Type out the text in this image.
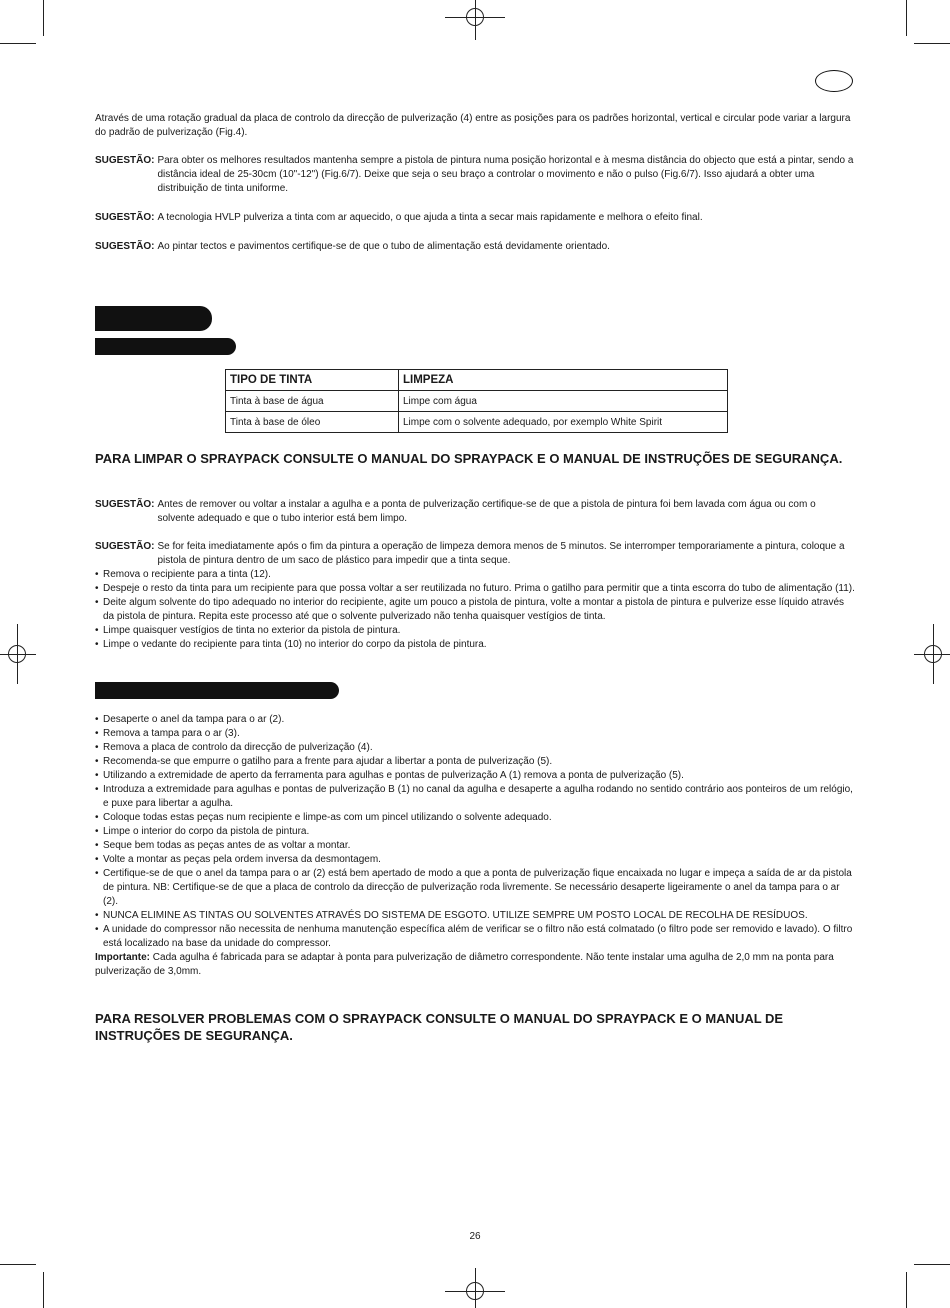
Através de uma rotação gradual da placa de controlo da direcção de pulverização (4) entre as posições para os padrões horizontal, vertical e circular pode variar a largura do padrão de pulverização (Fig.4).
SUGESTÃO: Para obter os melhores resultados mantenha sempre a pistola de pintura numa posição horizontal e à mesma distância do objecto que está a pintar, sendo a distância ideal de 25-30cm (10"-12") (Fig.6/7). Deixe que seja o seu braço a controlar o movimento e não o pulso (Fig.6/7). Isso ajudará a obter uma distribuição de tinta uniforme.
SUGESTÃO: A tecnologia HVLP pulveriza a tinta com ar aquecido, o que ajuda a tinta a secar mais rapidamente e melhora o efeito final.
SUGESTÃO: Ao pintar tectos e pavimentos certifique-se de que o tubo de alimentação está devidamente orientado.
TIPO DE TINTA	LIMPEZA
Tinta à base de água	Limpe com água
Tinta à base de óleo	Limpe com o solvente adequado, por exemplo White Spirit
PARA LIMPAR O SPRAYPACK CONSULTE O MANUAL DO SPRAYPACK E O MANUAL DE INSTRUÇÕES DE SEGURANÇA.
SUGESTÃO: Antes de remover ou voltar a instalar a agulha e a ponta de pulverização certifique-se de que a pistola de pintura foi bem lavada com água ou com o solvente adequado e que o tubo interior está bem limpo.
SUGESTÃO: Se for feita imediatamente após o fim da pintura a operação de limpeza demora menos de 5 minutos. Se interromper temporariamente a pintura, coloque a pistola de pintura dentro de um saco de plástico para impedir que a tinta seque.
• Remova o recipiente para a tinta (12).
• Despeje o resto da tinta para um recipiente para que possa voltar a ser reutilizada no futuro. Prima o gatilho para permitir que a tinta escorra do tubo de alimentação (11).
• Deite algum solvente do tipo adequado no interior do recipiente, agite um pouco a pistola de pintura, volte a montar a pistola de pintura e pulverize esse líquido através da pistola de pintura. Repita este processo até que o solvente pulverizado não tenha quaisquer vestígios de tinta.
• Limpe quaisquer vestígios de tinta no exterior da pistola de pintura.
• Limpe o vedante do recipiente para tinta (10) no interior do corpo da pistola de pintura.
• Desaperte o anel da tampa para o ar (2).
• Remova a tampa para o ar (3).
• Remova a placa de controlo da direcção de pulverização (4).
• Recomenda-se que empurre o gatilho para a frente para ajudar a libertar a ponta de pulverização (5).
• Utilizando a extremidade de aperto da ferramenta para agulhas e pontas de pulverização A (1) remova a ponta de pulverização (5).
• Introduza a extremidade para agulhas e pontas de pulverização B (1) no canal da agulha e desaperte a agulha rodando no sentido contrário aos ponteiros de um relógio, e puxe para libertar a agulha.
• Coloque todas estas peças num recipiente e limpe-as com um pincel utilizando o solvente adequado.
• Limpe o interior do corpo da pistola de pintura.
• Seque bem todas as peças antes de as voltar a montar.
• Volte a montar as peças pela ordem inversa da desmontagem.
• Certifique-se de que o anel da tampa para o ar (2) está bem apertado de modo a que a ponta de pulverização fique encaixada no lugar e impeça a saída de ar da pistola de pintura. NB: Certifique-se de que a placa de controlo da direcção de pulverização roda livremente. Se necessário desaperte ligeiramente o anel da tampa para o ar (2).
• NUNCA ELIMINE AS TINTAS OU SOLVENTES ATRAVÉS DO SISTEMA DE ESGOTO. UTILIZE SEMPRE UM POSTO LOCAL DE RECOLHA DE RESÍDUOS.
• A unidade do compressor não necessita de nenhuma manutenção específica além de verificar se o filtro não está colmatado (o filtro pode ser removido e lavado). O filtro está localizado na base da unidade do compressor.
Importante: Cada agulha é fabricada para se adaptar à ponta para pulverização de diâmetro correspondente. Não tente instalar uma agulha de 2,0 mm na ponta para pulverização de 3,0mm.
PARA RESOLVER PROBLEMAS COM O SPRAYPACK CONSULTE O MANUAL DO SPRAYPACK E O MANUAL DE INSTRUÇÕES DE SEGURANÇA.
26
